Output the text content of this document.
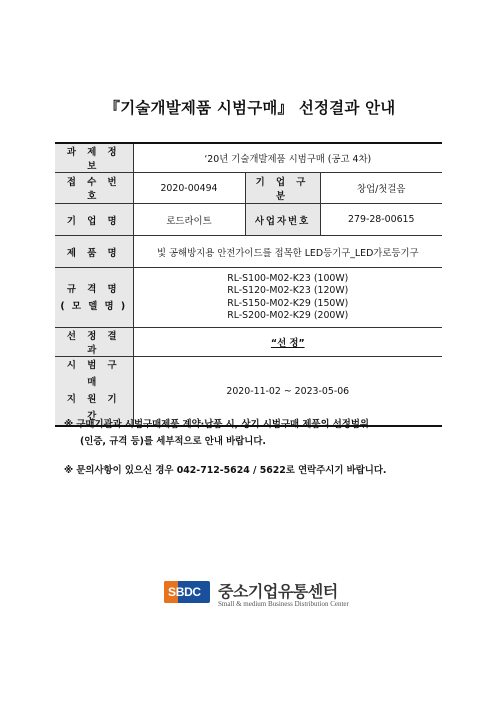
『기술개발제품 시범구매』 선정결과 안내
과 제 정 보	‘20년 기술개발제품 시범구매 (공고 4차)		
접 수 번 호	2020-00494	기 업 구 분	창업/첫걸음
기 업 명	로드라이트	사업자번호	279-28-00615
제 품 명	빛 공해방지용 안전가이드를 접목한 LED등기구_LED가로등기구		

규 격 명
( 모 델 명 )	RL-S100-M02-K23 (100W)
RL-S120-M02-K23 (120W)
RL-S150-M02-K29 (150W)
RL-S200-M02-K29 (200W)		

선 정 결 과	“선 정”		

시 범 구 매
지 원 기 간	2020-11-02 ~ 2023-05-06		
※ 구매기관과 시범구매제품 계약·납품 시, 상기 시범구매 제품의 선정범위
(인증, 규격 등)를 세부적으로 안내 바랍니다.
※ 문의사항이 있으신 경우 042-712-5624 / 5622로 연락주시기 바랍니다.
SBDC 중소기업유통센터
Small & medium Business Distribution Center
